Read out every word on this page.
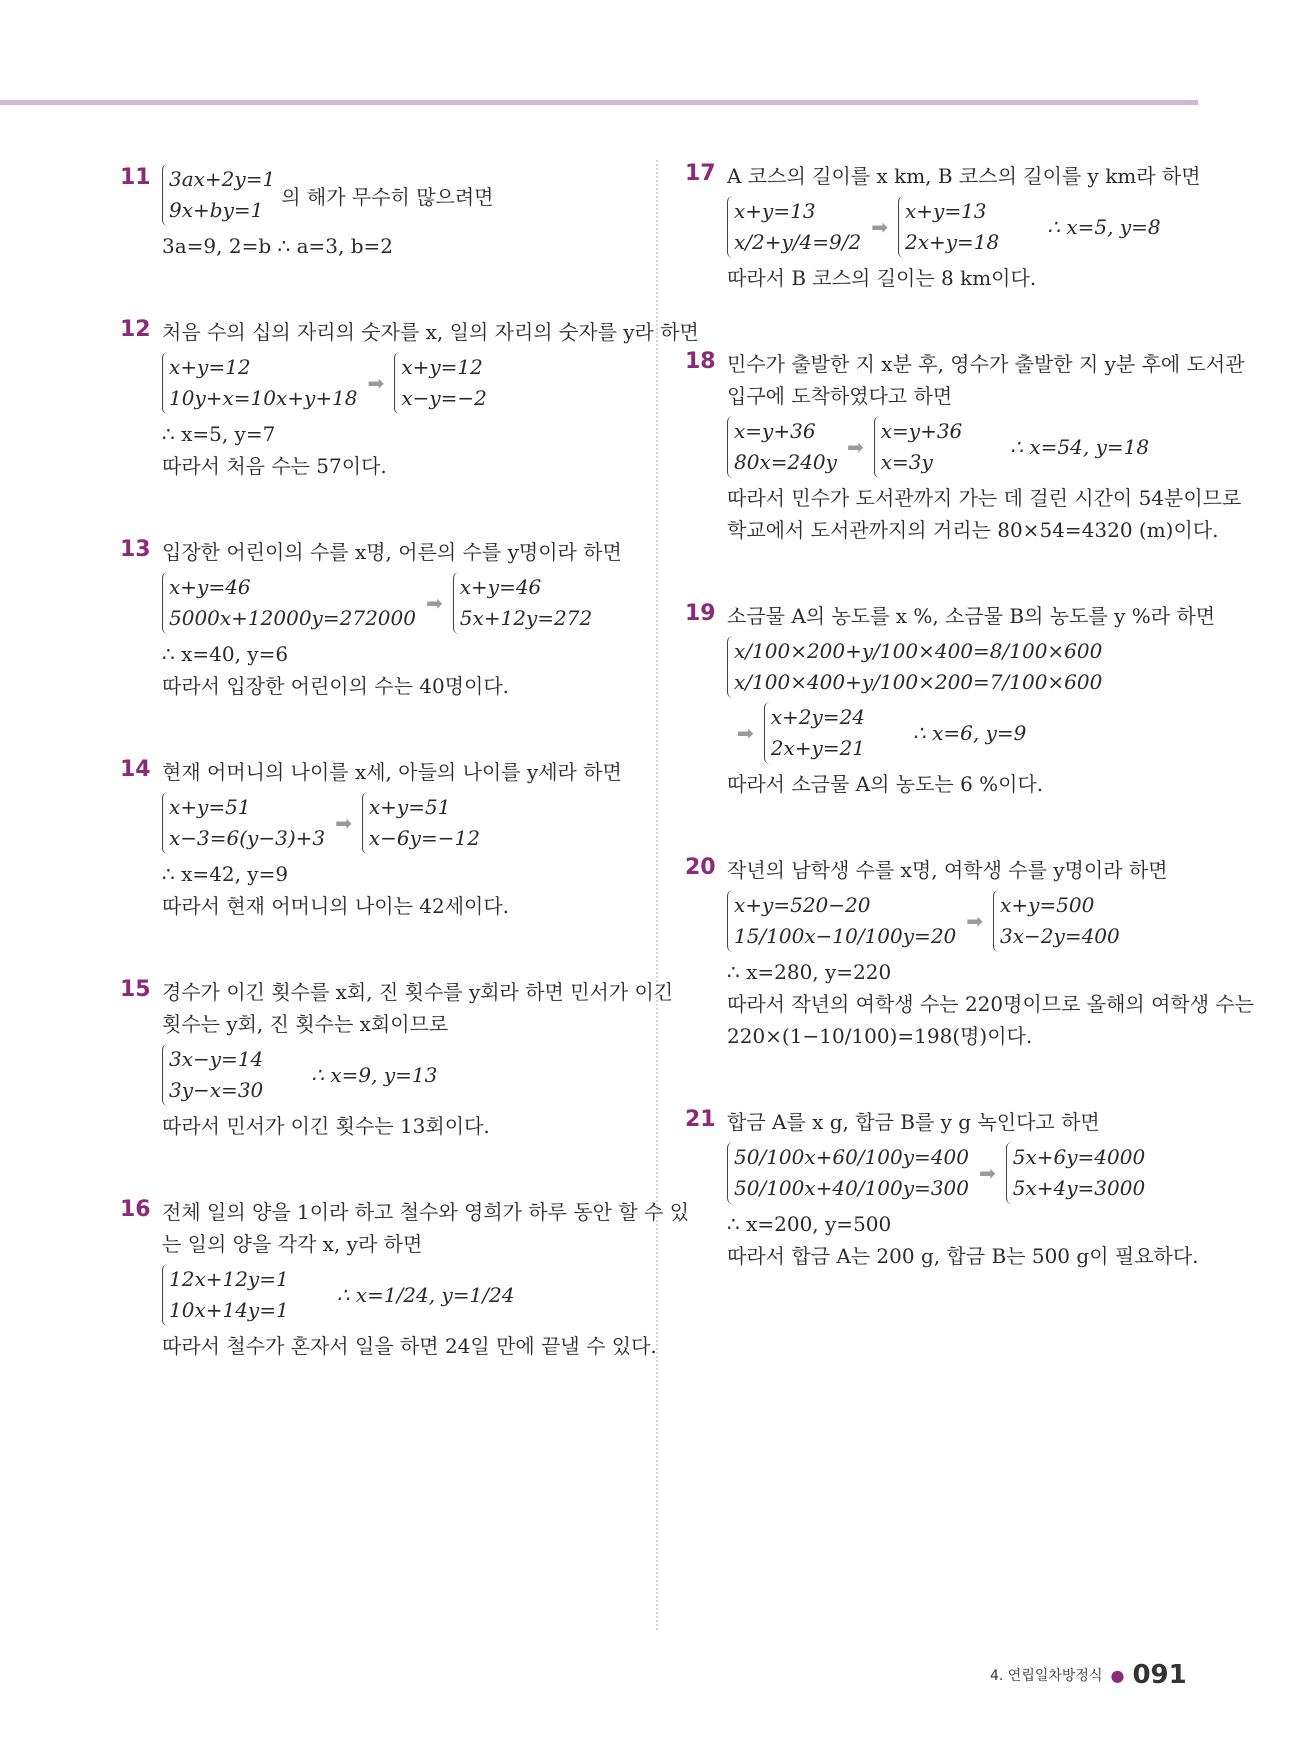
11 3ax+2y=1
9x+by=1
의 해가 무수히 많으려면
3a=9, 2=b ∴ a=3, b=2
12 처음 수의 십의 자리의 숫자를 x, 일의 자리의 숫자를 y라 하면
x+y=12
10y+x=10x+y+18
➡
x+y=12
x−y=−2
∴ x=5, y=7
따라서 처음 수는 57이다.
13 입장한 어린이의 수를 x명, 어른의 수를 y명이라 하면
x+y=46
5000x+12000y=272000
➡
x+y=46
5x+12y=272
∴ x=40, y=6
따라서 입장한 어린이의 수는 40명이다.
14 현재 어머니의 나이를 x세, 아들의 나이를 y세라 하면
x+y=51
x−3=6(y−3)+3
➡
x+y=51
x−6y=−12
∴ x=42, y=9
따라서 현재 어머니의 나이는 42세이다.
15 경수가 이긴 횟수를 x회, 진 횟수를 y회라 하면 민서가 이긴
횟수는 y회, 진 횟수는 x회이므로
3x−y=14
3y−x=30
∴ x=9, y=13
따라서 민서가 이긴 횟수는 13회이다.
16 전체 일의 양을 1이라 하고 철수와 영희가 하루 동안 할 수 있
는 일의 양을 각각 x, y라 하면
12x+12y=1
10x+14y=1
∴ x=1/24, y=1/24
따라서 철수가 혼자서 일을 하면 24일 만에 끝낼 수 있다.
17 A 코스의 길이를 x km, B 코스의 길이를 y km라 하면
x+y=13
x/2+y/4=9/2
➡
x+y=13
2x+y=18
∴ x=5, y=8
따라서 B 코스의 길이는 8 km이다.
18 민수가 출발한 지 x분 후, 영수가 출발한 지 y분 후에 도서관
입구에 도착하였다고 하면
x=y+36
80x=240y
➡
x=y+36
x=3y
∴ x=54, y=18
따라서 민수가 도서관까지 가는 데 걸린 시간이 54분이므로
학교에서 도서관까지의 거리는 80×54=4320 (m)이다.
19 소금물 A의 농도를 x %, 소금물 B의 농도를 y %라 하면
x/100×200+y/100×400=8/100×600
x/100×400+y/100×200=7/100×600
➡
x+2y=24
2x+y=21
∴ x=6, y=9
따라서 소금물 A의 농도는 6 %이다.
20 작년의 남학생 수를 x명, 여학생 수를 y명이라 하면
x+y=520−20
15/100x−10/100y=20
➡
x+y=500
3x−2y=400
∴ x=280, y=220
따라서 작년의 여학생 수는 220명이므로 올해의 여학생 수는
220×(1−10/100)=198(명)이다.
21 합금 A를 x g, 합금 B를 y g 녹인다고 하면
50/100x+60/100y=400
50/100x+40/100y=300
➡
5x+6y=4000
5x+4y=3000
∴ x=200, y=500
따라서 합금 A는 200 g, 합금 B는 500 g이 필요하다.
4. 연립일차방정식 ● 091
